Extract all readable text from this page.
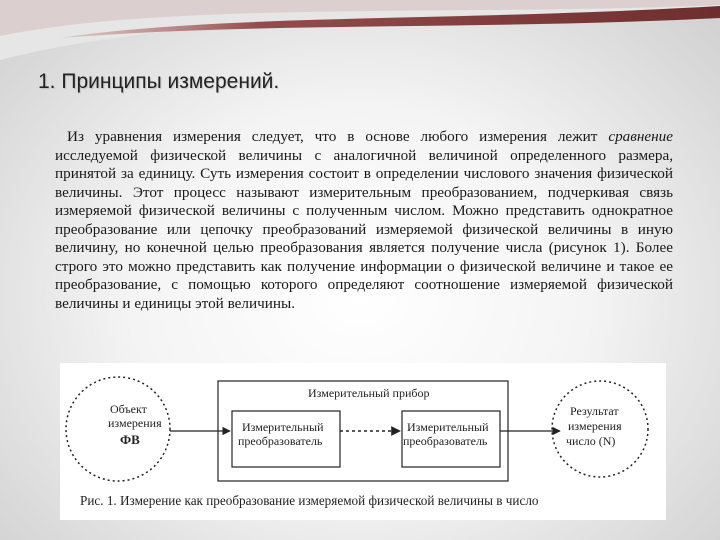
1. Принципы измерений.
Из уравнения измерения следует, что в основе любого измерения лежит сравнение исследуемой физической величины с аналогичной величиной определенного размера, принятой за единицу. Суть измерения состоит в определении числового значения физической величины. Этот процесс называют измерительным преобразованием, подчеркивая связь измеряемой физической величины с полученным числом. Можно представить однократное преобразование или цепочку преобразований измеряемой физической величины в иную величину, но конечной целью преобразования является получение числа (рисунок 1). Более строго это можно представить как получение информации о физической величине и такое ее преобразование, с помощью которого определяют соотношение измеряемой физической величины и единицы этой величины.
Объект
измерения
ФВ
Измерительный прибор
Измерительный
преобразователь
Измерительный
преобразователь
Результат
измерения
число (N)
Рис. 1. Измерение как преобразование измеряемой физической величины в число
